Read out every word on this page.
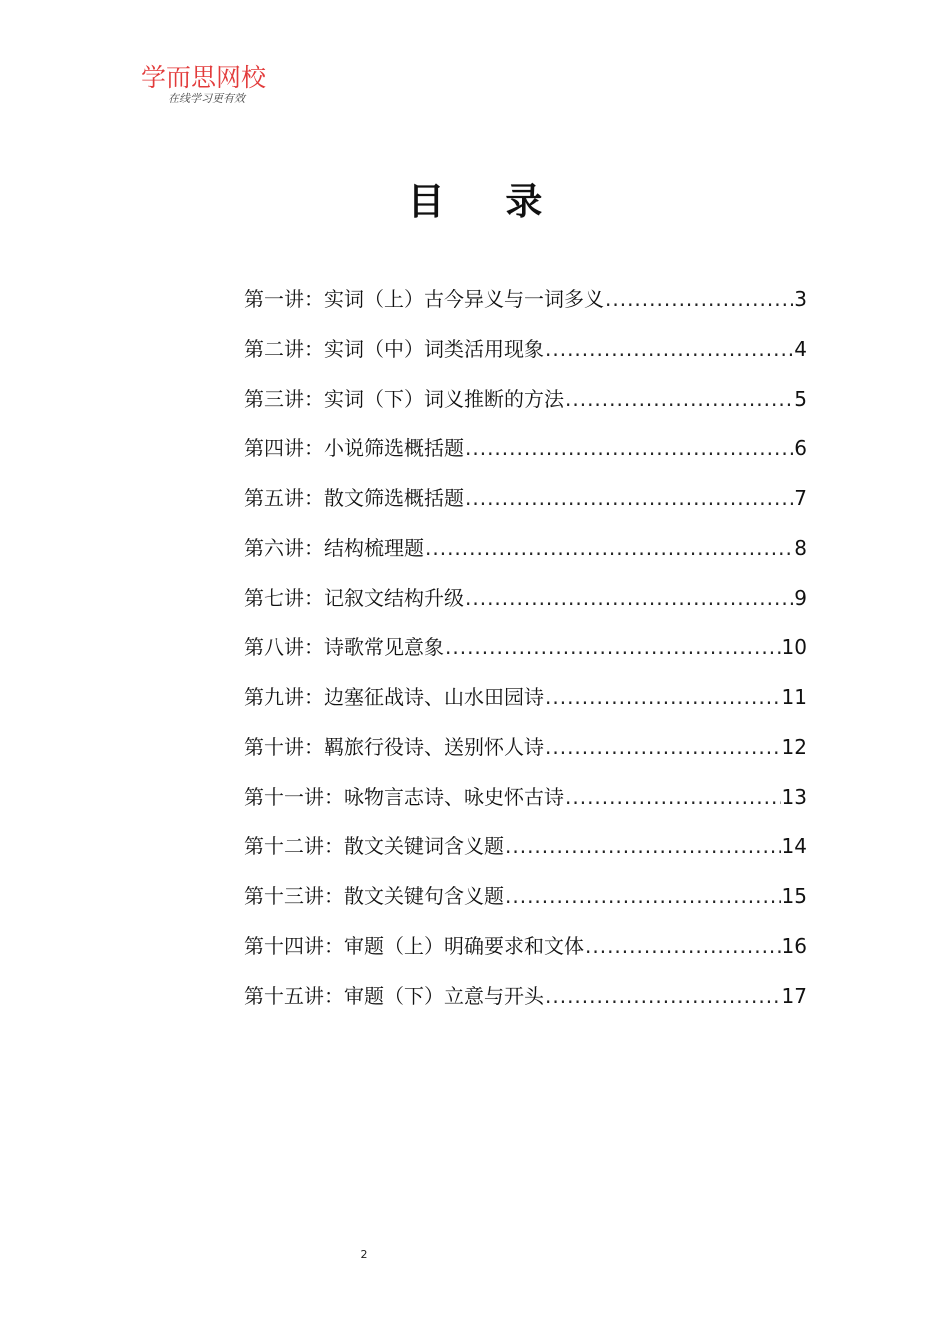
学而思网校
在线学习更有效
目 录
第一讲：实词（上）古今异义与一词多义 .....	3
第二讲：实词（中）词类活用现象 .....	4
第三讲：实词（下）词义推断的方法 .....	5
第四讲：小说筛选概括题 .....	6
第五讲：散文筛选概括题 .....	7
第六讲：结构梳理题 .....	8
第七讲：记叙文结构升级 .....	9
第八讲：诗歌常见意象 .....	10
第九讲：边塞征战诗、山水田园诗 .....	11
第十讲：羁旅行役诗、送别怀人诗 .....	12
第十一讲：咏物言志诗、咏史怀古诗 .....	13
第十二讲：散文关键词含义题 .....	14
第十三讲：散文关键句含义题 .....	15
第十四讲：审题（上）明确要求和文体 .....	16
第十五讲：审题（下）立意与开头 .....	17
2
